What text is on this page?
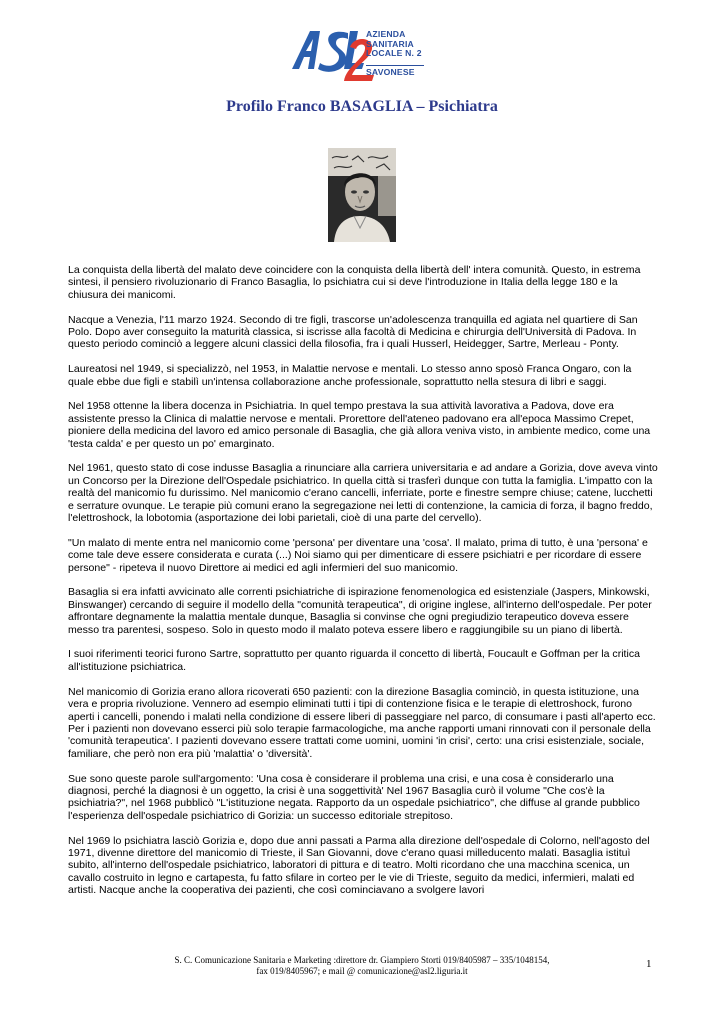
AZIENDA
SANITARIA
LOCALE N. 2
SAVONESE
Profilo Franco BASAGLIA – Psichiatra

La conquista della libertà del malato deve coincidere con la conquista della libertà dell' intera comunità. Questo, in estrema sintesi, il pensiero rivoluzionario di Franco Basaglia, lo psichiatra cui si deve l'introduzione in Italia della legge 180 e la chiusura dei manicomi.

Nacque a Venezia, l'11 marzo 1924. Secondo di tre figli, trascorse un'adolescenza tranquilla ed agiata nel quartiere di San Polo. Dopo aver conseguito la maturità classica, si iscrisse alla facoltà di Medicina e chirurgia dell'Università di Padova. In questo periodo cominciò a leggere alcuni classici della filosofia, fra i quali Husserl, Heidegger, Sartre, Merleau - Ponty.

Laureatosi nel 1949, si specializzò, nel 1953, in Malattie nervose e mentali. Lo stesso anno sposò Franca Ongaro, con la quale ebbe due figli e stabilì un'intensa collaborazione anche professionale, soprattutto nella stesura di libri e saggi.

Nel 1958 ottenne la libera docenza in Psichiatria. In quel tempo prestava la sua attività lavorativa a Padova, dove era assistente presso la Clinica di malattie nervose e mentali. Prorettore dell'ateneo padovano era all'epoca Massimo Crepet, pioniere della medicina del lavoro ed amico personale di Basaglia, che già allora veniva visto, in ambiente medico, come una 'testa calda' e per questo un po' emarginato.

Nel 1961, questo stato di cose indusse Basaglia a rinunciare alla carriera universitaria e ad andare a Gorizia, dove aveva vinto un Concorso per la Direzione dell'Ospedale psichiatrico. In quella città si trasferì dunque con tutta la famiglia. L'impatto con la realtà del manicomio fu durissimo. Nel manicomio c'erano cancelli, inferriate, porte e finestre sempre chiuse; catene, lucchetti e serrature ovunque. Le terapie più comuni erano la segregazione nei letti di contenzione, la camicia di forza, il bagno freddo, l'elettroshock, la lobotomia (asportazione dei lobi parietali, cioè di una parte del cervello).

"Un malato di mente entra nel manicomio come 'persona' per diventare una 'cosa'. Il malato, prima di tutto, è una 'persona' e come tale deve essere considerata e curata (...) Noi siamo qui per dimenticare di essere psichiatri e per ricordare di essere persone" - ripeteva il nuovo Direttore ai medici ed agli infermieri del suo manicomio.

Basaglia si era infatti avvicinato alle correnti psichiatriche di ispirazione fenomenologica ed esistenziale (Jaspers, Minkowski, Binswanger) cercando di seguire il modello della "comunità terapeutica", di origine inglese, all'interno dell'ospedale. Per poter affrontare degnamente la malattia mentale dunque, Basaglia si convinse che ogni pregiudizio terapeutico doveva essere messo tra parentesi, sospeso. Solo in questo modo il malato poteva essere libero e raggiungibile su un piano di libertà.

I suoi riferimenti teorici furono Sartre, soprattutto per quanto riguarda il concetto di libertà, Foucault e Goffman per la critica all'istituzione psichiatrica.

Nel manicomio di Gorizia erano allora ricoverati 650 pazienti: con la direzione Basaglia cominciò, in questa istituzione, una vera e propria rivoluzione. Vennero ad esempio eliminati tutti i tipi di contenzione fisica e le terapie di elettroshock, furono aperti i cancelli, ponendo i malati nella condizione di essere liberi di passeggiare nel parco, di consumare i pasti all'aperto ecc. Per i pazienti non dovevano esserci più solo terapie farmacologiche, ma anche rapporti umani rinnovati con il personale della 'comunità terapeutica'. I pazienti dovevano essere trattati come uomini, uomini 'in crisi', certo: una crisi esistenziale, sociale, familiare, che però non era più 'malattia' o 'diversità'.

Sue sono queste parole sull'argomento: 'Una cosa è considerare il problema una crisi, e una cosa è considerarlo una diagnosi, perché la diagnosi è un oggetto, la crisi è una soggettività' Nel 1967 Basaglia curò il volume "Che cos'è la psichiatria?", nel 1968 pubblicò "L'istituzione negata. Rapporto da un ospedale psichiatrico", che diffuse al grande pubblico l'esperienza dell'ospedale psichiatrico di Gorizia: un successo editoriale strepitoso.

Nel 1969 lo psichiatra lasciò Gorizia e, dopo due anni passati a Parma alla direzione dell'ospedale di Colorno, nell'agosto del 1971, divenne direttore del manicomio di Trieste, il San Giovanni, dove c'erano quasi milleducento malati. Basaglia istituì subito, all'interno dell'ospedale psichiatrico, laboratori di pittura e di teatro. Molti ricordano che una macchina scenica, un cavallo costruito in legno e cartapesta, fu fatto sfilare in corteo per le vie di Trieste, seguito da medici, infermieri, malati ed artisti. Nacque anche la cooperativa dei pazienti, che così cominciavano a svolgere lavori

S. C. Comunicazione Sanitaria e Marketing :direttore dr. Giampiero Storti 019/8405987 – 335/1048154,
fax 019/8405967; e mail @ comunicazione@asl2.liguria.it
1
